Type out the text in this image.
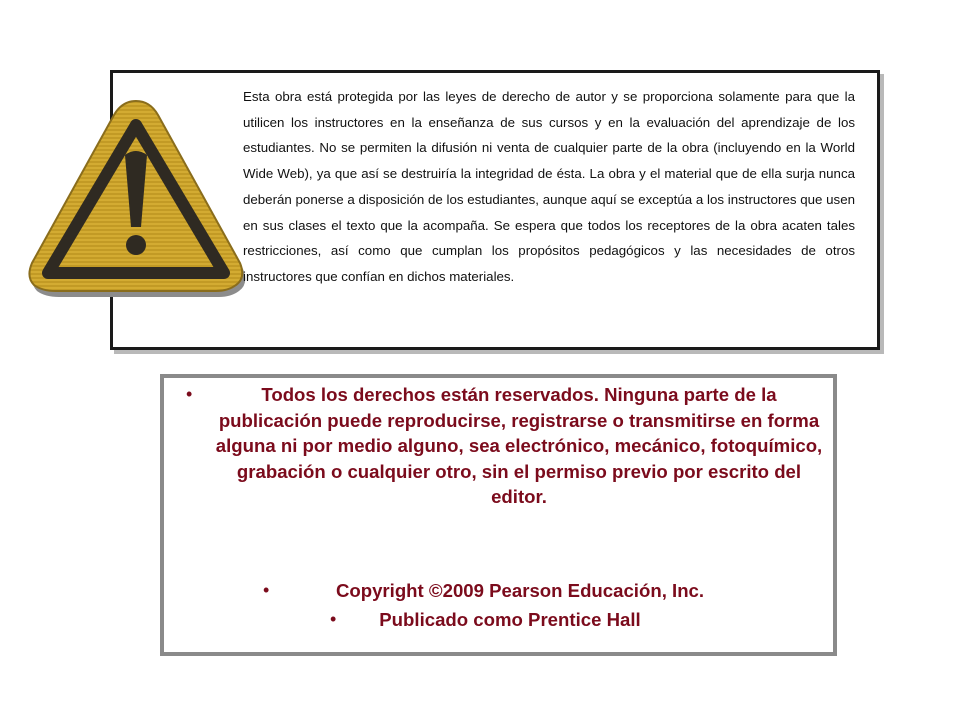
Esta obra está protegida por las leyes de derecho de autor y se proporciona solamente para que la utilicen los instructores en la enseñanza de sus cursos y en la evaluación del aprendizaje de los estudiantes. No se permiten la difusión ni venta de cualquier parte de la obra (incluyendo en la World Wide Web), ya que así se destruiría la integridad de ésta. La obra y el material que de ella surja nunca deberán ponerse a disposición de los estudiantes, aunque aquí se exceptúa a los instructores que usen en sus clases el texto que la acompaña. Se espera que todos los receptores de la obra acaten tales restricciones, así como que cumplan los propósitos pedagógicos y las necesidades de otros instructores que confían en dichos materiales.

•	Todos los derechos están reservados. Ninguna parte de la publicación puede reproducirse, registrarse o transmitirse en forma alguna ni por medio alguno, sea electrónico, mecánico, fotoquímico, grabación o cualquier otro, sin el permiso previo por escrito del editor.
•	Copyright ©2009 Pearson Educación, Inc.
•	Publicado como Prentice Hall
